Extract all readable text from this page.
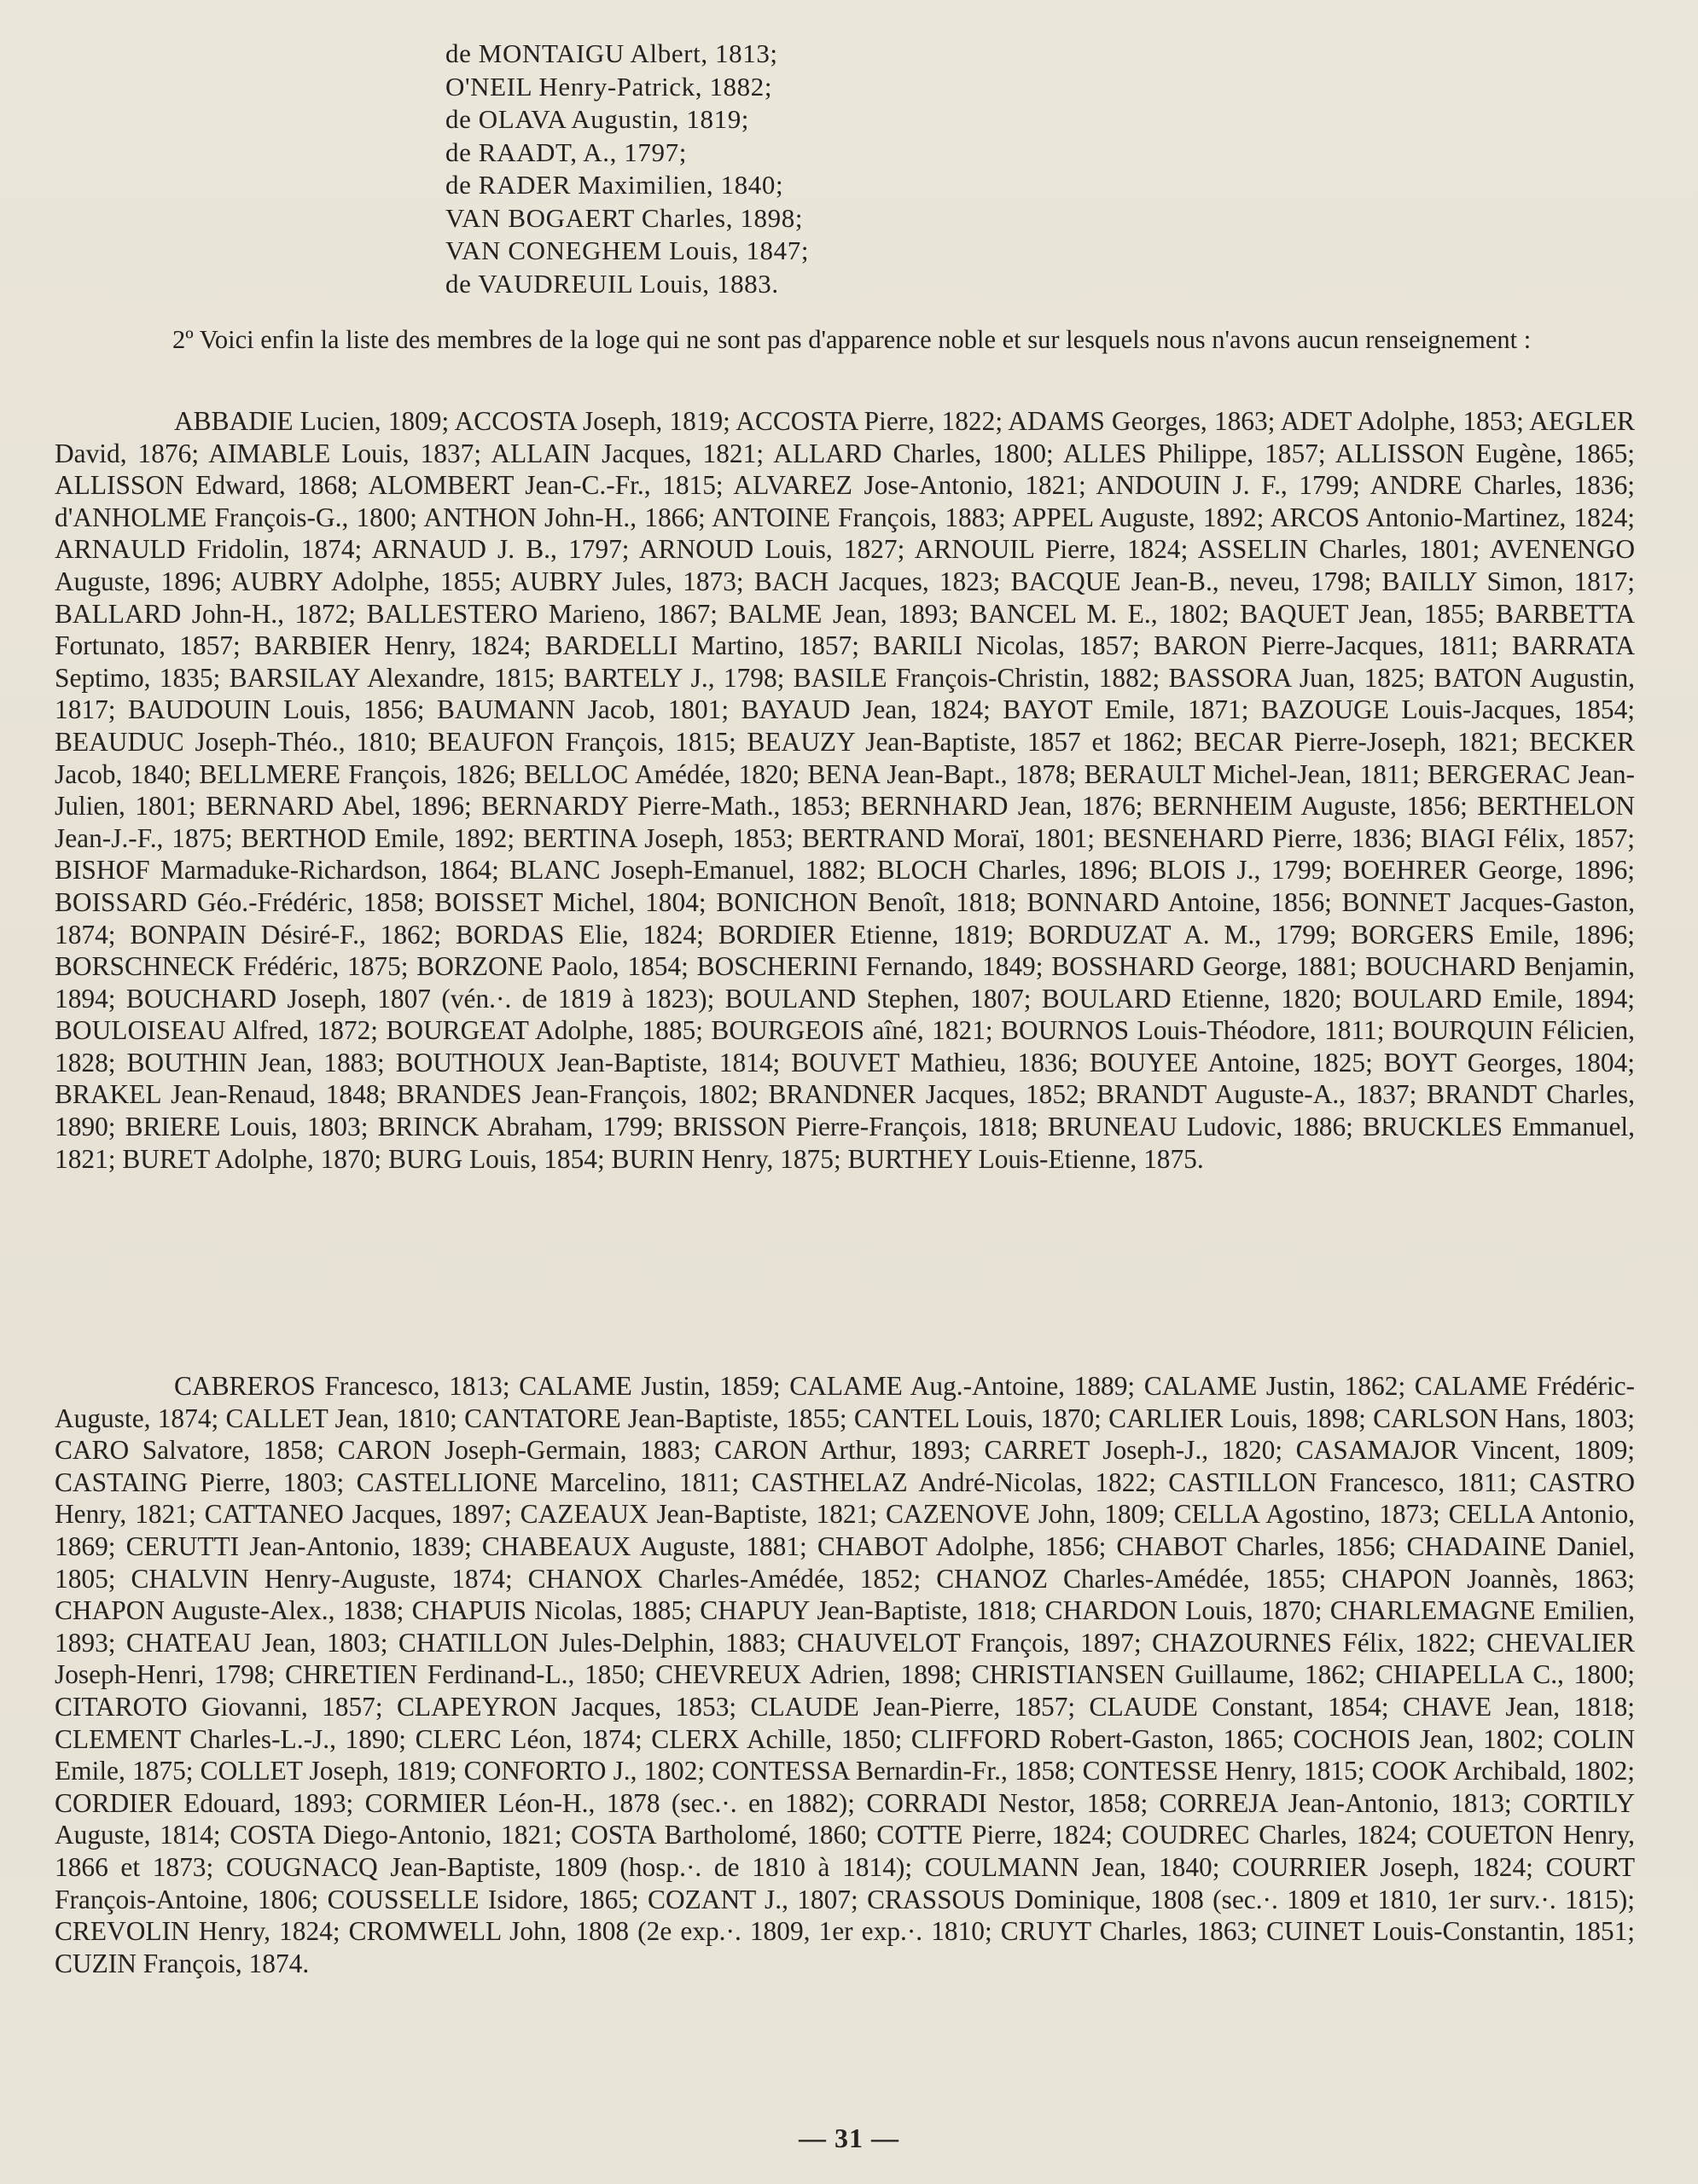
de MONTAIGU Albert, 1813;
O'NEIL Henry-Patrick, 1882;
de OLAVA Augustin, 1819;
de RAADT, A., 1797;
de RADER Maximilien, 1840;
VAN BOGAERT Charles, 1898;
VAN CONEGHEM Louis, 1847;
de VAUDREUIL Louis, 1883.

2º Voici enfin la liste des membres de la loge qui ne sont pas d'apparence noble et sur lesquels nous n'avons aucun renseignement :

ABBADIE Lucien, 1809; ACCOSTA Joseph, 1819; ACCOSTA Pierre, 1822; ADAMS Georges, 1863; ADET Adolphe, 1853; AEGLER David, 1876; AIMABLE Louis, 1837; ALLAIN Jacques, 1821; ALLARD Charles, 1800; ALLES Philippe, 1857; ALLISSON Eugène, 1865; ALLISSON Edward, 1868; ALOMBERT Jean-C.-Fr., 1815; ALVAREZ Jose-Antonio, 1821; ANDOUIN J. F., 1799; ANDRE Charles, 1836; d'ANHOLME François-G., 1800; ANTHON John-H., 1866; ANTOINE François, 1883; APPEL Auguste, 1892; ARCOS Antonio-Martinez, 1824; ARNAULD Fridolin, 1874; ARNAUD J. B., 1797; ARNOUD Louis, 1827; ARNOUIL Pierre, 1824; ASSELIN Charles, 1801; AVENENGO Auguste, 1896; AUBRY Adolphe, 1855; AUBRY Jules, 1873; BACH Jacques, 1823; BACQUE Jean-B., neveu, 1798; BAILLY Simon, 1817; BALLARD John-H., 1872; BALLESTERO Marieno, 1867; BALME Jean, 1893; BANCEL M. E., 1802; BAQUET Jean, 1855; BARBETTA Fortunato, 1857; BARBIER Henry, 1824; BARDELLI Martino, 1857; BARILI Nicolas, 1857; BARON Pierre-Jacques, 1811; BARRATA Septimo, 1835; BARSILAY Alexandre, 1815; BARTELY J., 1798; BASILE François-Christin, 1882; BASSORA Juan, 1825; BATON Augustin, 1817; BAUDOUIN Louis, 1856; BAUMANN Jacob, 1801; BAYAUD Jean, 1824; BAYOT Emile, 1871; BAZOUGE Louis-Jacques, 1854; BEAUDUC Joseph-Théo., 1810; BEAUFON François, 1815; BEAUZY Jean-Baptiste, 1857 et 1862; BECAR Pierre-Joseph, 1821; BECKER Jacob, 1840; BELLMERE François, 1826; BELLOC Amédée, 1820; BENA Jean-Bapt., 1878; BERAULT Michel-Jean, 1811; BERGERAC Jean-Julien, 1801; BERNARD Abel, 1896; BERNARDY Pierre-Math., 1853; BERNHARD Jean, 1876; BERNHEIM Auguste, 1856; BERTHELON Jean-J.-F., 1875; BERTHOD Emile, 1892; BERTINA Joseph, 1853; BERTRAND Moraï, 1801; BESNEHARD Pierre, 1836; BIAGI Félix, 1857; BISHOF Marmaduke-Richardson, 1864; BLANC Joseph-Emanuel, 1882; BLOCH Charles, 1896; BLOIS J., 1799; BOEHRER George, 1896; BOISSARD Géo.-Frédéric, 1858; BOISSET Michel, 1804; BONICHON Benoît, 1818; BONNARD Antoine, 1856; BONNET Jacques-Gaston, 1874; BONPAIN Désiré-F., 1862; BORDAS Elie, 1824; BORDIER Etienne, 1819; BORDUZAT A. M., 1799; BORGERS Emile, 1896; BORSCHNECK Frédéric, 1875; BORZONE Paolo, 1854; BOSCHERINI Fernando, 1849; BOSSHARD George, 1881; BOUCHARD Benjamin, 1894; BOUCHARD Joseph, 1807 (vén.·. de 1819 à 1823); BOULAND Stephen, 1807; BOULARD Etienne, 1820; BOULARD Emile, 1894; BOULOISEAU Alfred, 1872; BOURGEAT Adolphe, 1885; BOURGEOIS aîné, 1821; BOURNOS Louis-Théodore, 1811; BOURQUIN Félicien, 1828; BOUTHIN Jean, 1883; BOUTHOUX Jean-Baptiste, 1814; BOUVET Mathieu, 1836; BOUYEE Antoine, 1825; BOYT Georges, 1804; BRAKEL Jean-Renaud, 1848; BRANDES Jean-François, 1802; BRANDNER Jacques, 1852; BRANDT Auguste-A., 1837; BRANDT Charles, 1890; BRIERE Louis, 1803; BRINCK Abraham, 1799; BRISSON Pierre-François, 1818; BRUNEAU Ludovic, 1886; BRUCKLES Emmanuel, 1821; BURET Adolphe, 1870; BURG Louis, 1854; BURIN Henry, 1875; BURTHEY Louis-Etienne, 1875.

CABREROS Francesco, 1813; CALAME Justin, 1859; CALAME Aug.-Antoine, 1889; CALAME Justin, 1862; CALAME Frédéric-Auguste, 1874; CALLET Jean, 1810; CANTATORE Jean-Baptiste, 1855; CANTEL Louis, 1870; CARLIER Louis, 1898; CARLSON Hans, 1803; CARO Salvatore, 1858; CARON Joseph-Germain, 1883; CARON Arthur, 1893; CARRET Joseph-J., 1820; CASAMAJOR Vincent, 1809; CASTAING Pierre, 1803; CASTELLIONE Marcelino, 1811; CASTHELAZ André-Nicolas, 1822; CASTILLON Francesco, 1811; CASTRO Henry, 1821; CATTANEO Jacques, 1897; CAZEAUX Jean-Baptiste, 1821; CAZENOVE John, 1809; CELLA Agostino, 1873; CELLA Antonio, 1869; CERUTTI Jean-Antonio, 1839; CHABEAUX Auguste, 1881; CHABOT Adolphe, 1856; CHABOT Charles, 1856; CHADAINE Daniel, 1805; CHALVIN Henry-Auguste, 1874; CHANOX Charles-Amédée, 1852; CHANOZ Charles-Amédée, 1855; CHAPON Joannès, 1863; CHAPON Auguste-Alex., 1838; CHAPUIS Nicolas, 1885; CHAPUY Jean-Baptiste, 1818; CHARDON Louis, 1870; CHARLEMAGNE Emilien, 1893; CHATEAU Jean, 1803; CHATILLON Jules-Delphin, 1883; CHAUVELOT François, 1897; CHAZOURNES Félix, 1822; CHEVALIER Joseph-Henri, 1798; CHRETIEN Ferdinand-L., 1850; CHEVREUX Adrien, 1898; CHRISTIANSEN Guillaume, 1862; CHIAPELLA C., 1800; CITAROTO Giovanni, 1857; CLAPEYRON Jacques, 1853; CLAUDE Jean-Pierre, 1857; CLAUDE Constant, 1854; CHAVE Jean, 1818; CLEMENT Charles-L.-J., 1890; CLERC Léon, 1874; CLERX Achille, 1850; CLIFFORD Robert-Gaston, 1865; COCHOIS Jean, 1802; COLIN Emile, 1875; COLLET Joseph, 1819; CONFORTO J., 1802; CONTESSA Bernardin-Fr., 1858; CONTESSE Henry, 1815; COOK Archibald, 1802; CORDIER Edouard, 1893; CORMIER Léon-H., 1878 (sec.·. en 1882); CORRADI Nestor, 1858; CORREJA Jean-Antonio, 1813; CORTILY Auguste, 1814; COSTA Diego-Antonio, 1821; COSTA Bartholomé, 1860; COTTE Pierre, 1824; COUDREC Charles, 1824; COUETON Henry, 1866 et 1873; COUGNACQ Jean-Baptiste, 1809 (hosp.·. de 1810 à 1814); COULMANN Jean, 1840; COURRIER Joseph, 1824; COURT François-Antoine, 1806; COUSSELLE Isidore, 1865; COZANT J., 1807; CRASSOUS Dominique, 1808 (sec.·. 1809 et 1810, 1er surv.·. 1815); CREVOLIN Henry, 1824; CROMWELL John, 1808 (2e exp.·. 1809, 1er exp.·. 1810; CRUYT Charles, 1863; CUINET Louis-Constantin, 1851; CUZIN François, 1874.

— 31 —
